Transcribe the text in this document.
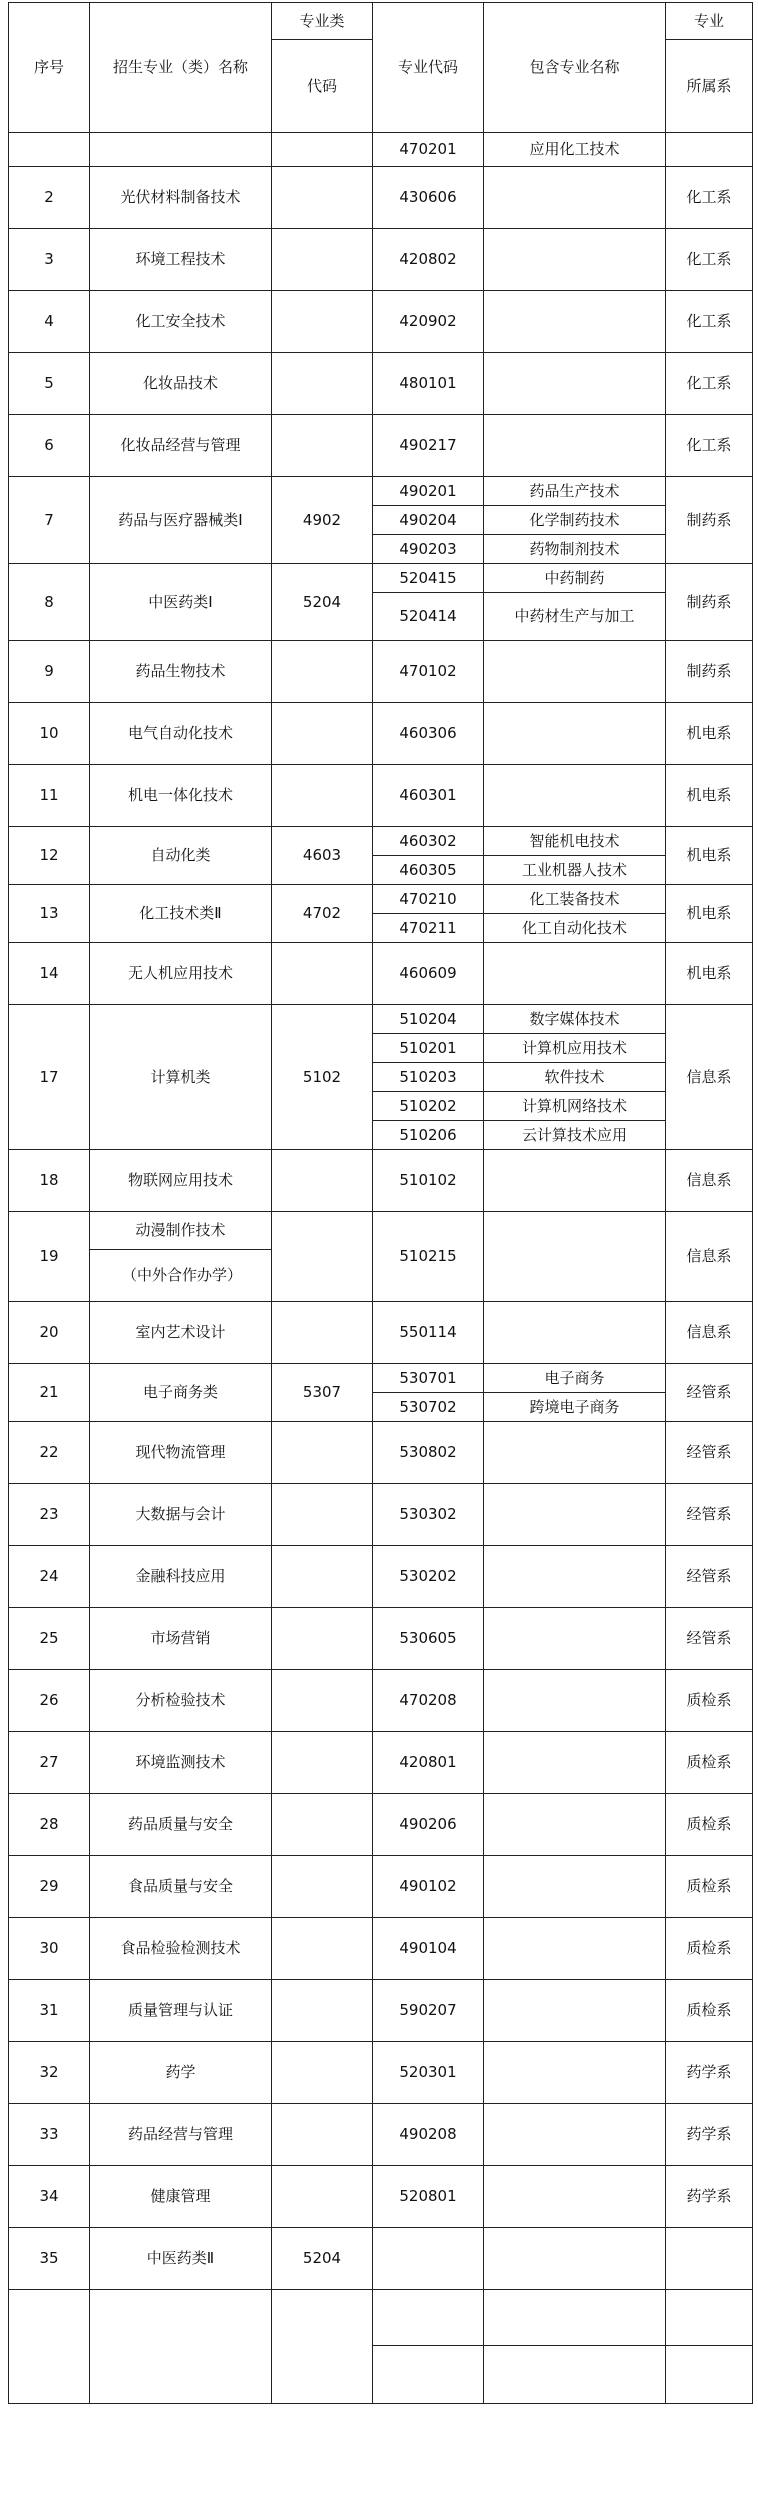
序号	招生专业（类）名称	专业类	专业代码	包含专业名称	专业
		代码			所属系
			470201	应用化工技术	
2	光伏材料制备技术		430606		化工系
3	环境工程技术		420802		化工系
4	化工安全技术		420902		化工系
5	化妆品技术		480101		化工系
6	化妆品经营与管理		490217		化工系
7	药品与医疗器械类Ⅰ	4902	490201	药品生产技术	制药系
			490204	化学制药技术	
			490203	药物制剂技术	
8	中医药类Ⅰ	5204	520415	中药制药	制药系
			520414	中药材生产与加工	
9	药品生物技术		470102		制药系
10	电气自动化技术		460306		机电系
11	机电一体化技术		460301		机电系
12	自动化类	4603	460302	智能机电技术	机电系
			460305	工业机器人技术	
13	化工技术类Ⅱ	4702	470210	化工装备技术	机电系
			470211	化工自动化技术	
14	无人机应用技术		460609		机电系
17	计算机类	5102	510204	数字媒体技术	信息系
			510201	计算机应用技术	
			510203	软件技术	
			510202	计算机网络技术	
			510206	云计算技术应用	
18	物联网应用技术		510102		信息系
19	动漫制作技术		510215		信息系
	（中外合作办学）				
20	室内艺术设计		550114		信息系
21	电子商务类	5307	530701	电子商务	经管系
			530702	跨境电子商务	
22	现代物流管理		530802		经管系
23	大数据与会计		530302		经管系
24	金融科技应用		530202		经管系
25	市场营销		530605		经管系
26	分析检验技术		470208		质检系
27	环境监测技术		420801		质检系
28	药品质量与安全		490206		质检系
29	食品质量与安全		490102		质检系
30	食品检验检测技术		490104		质检系
31	质量管理与认证		590207		质检系
32	药学		520301		药学系
33	药品经营与管理		490208		药学系
34	健康管理		520801		药学系
35	中医药类Ⅱ	5204			
